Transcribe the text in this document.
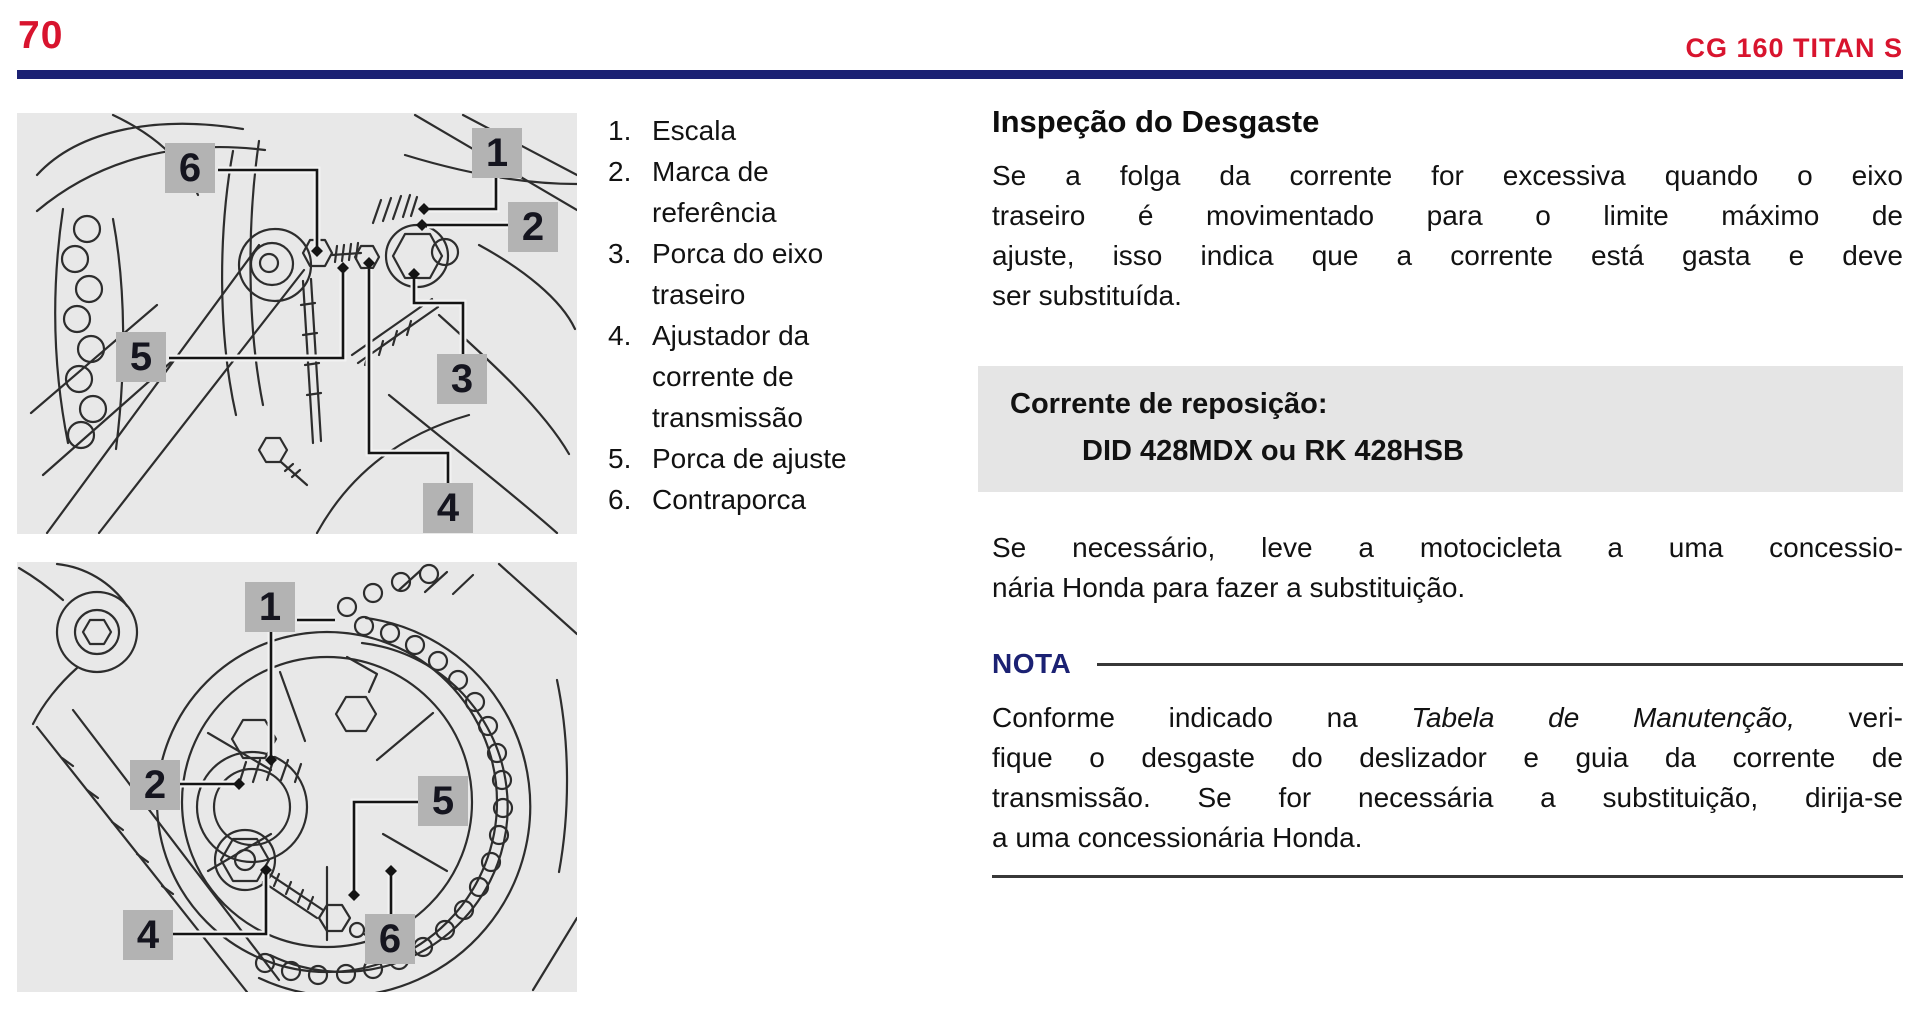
70	CG 160 TITAN S
6	1
2
5	3
4
1
2	5
4	6
1. Escala
2. Marca de referência
3. Porca do eixo traseiro
4. Ajustador da corrente de transmissão
5. Porca de ajuste
6. Contraporca
Inspeção do Desgaste
Se a folga da corrente for excessiva quando o eixo
traseiro é movimentado para o limite máximo de
ajuste, isso indica que a corrente está gasta e deve
ser substituída.
Corrente de reposição:
DID 428MDX ou RK 428HSB
Se necessário, leve a motocicleta a uma concessio-
nária Honda para fazer a substituição.
NOTA
Conforme indicado na Tabela de Manutenção, veri-
fique o desgaste do deslizador e guia da corrente de
transmissão. Se for necessária a substituição, dirija-se
a uma concessionária Honda.
